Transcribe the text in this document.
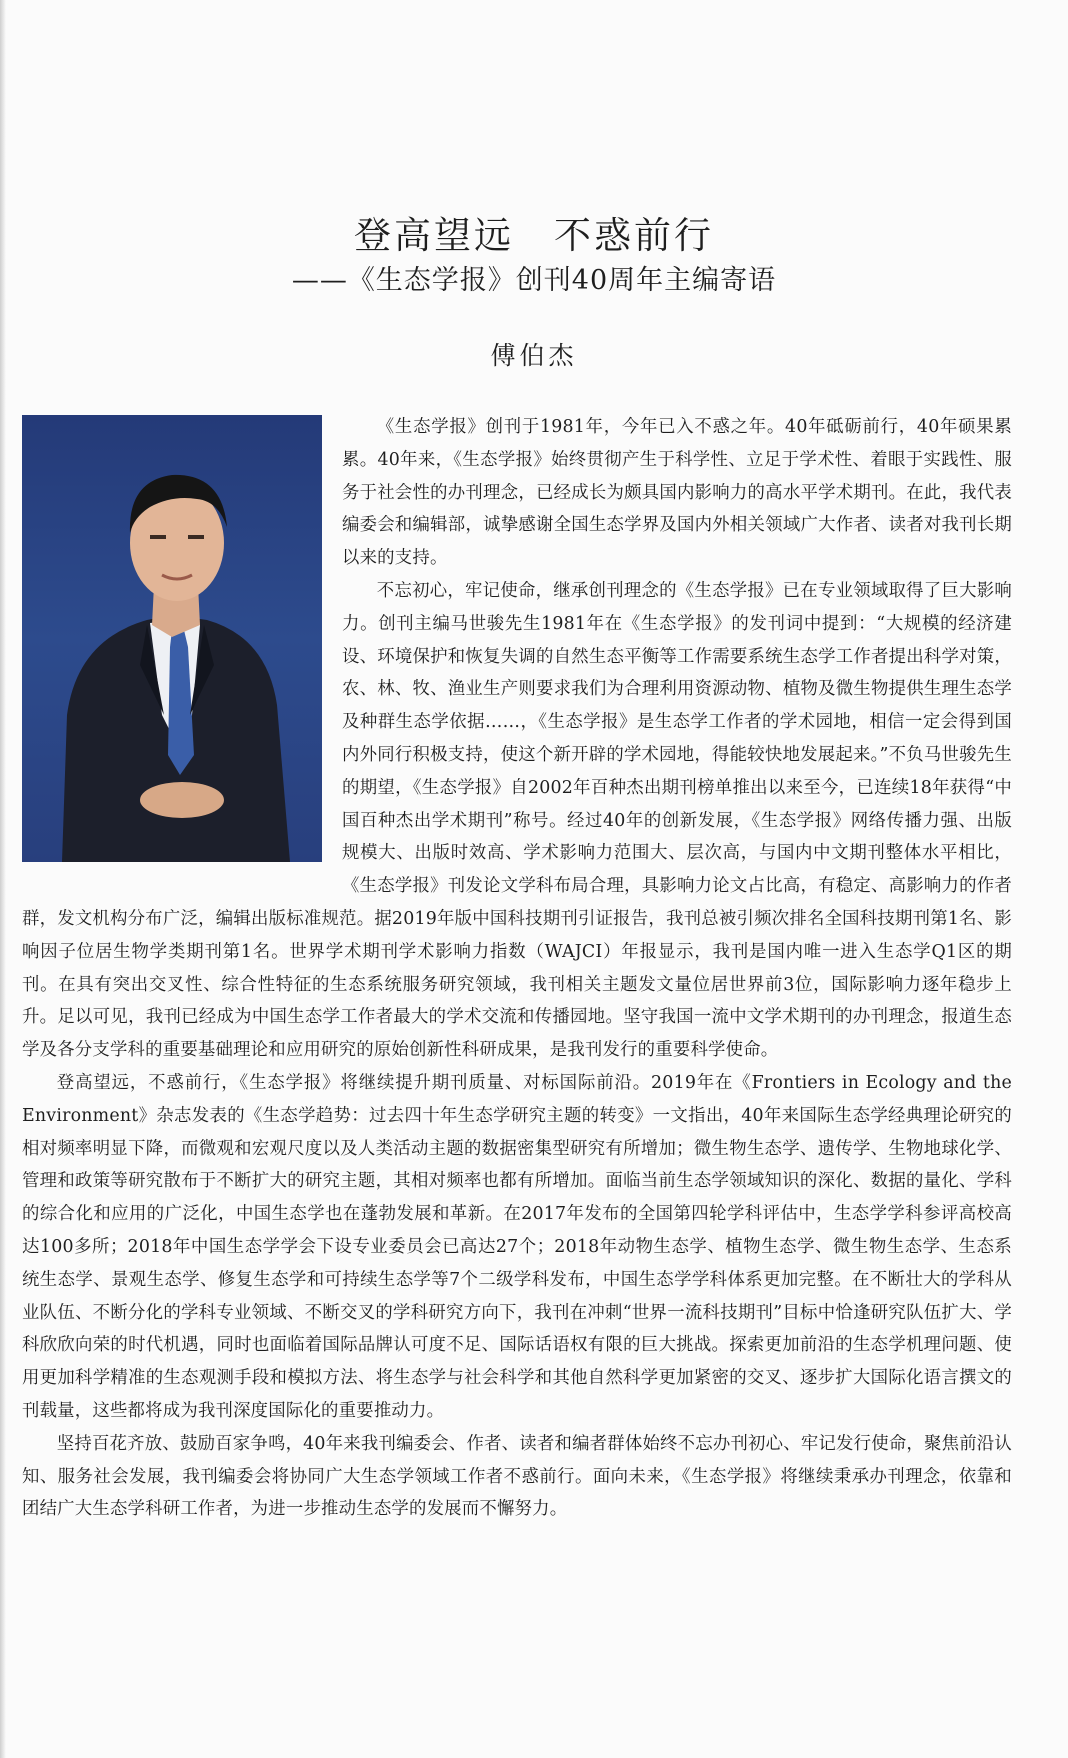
登高望远　不惑前行
——《生态学报》创刊40周年主编寄语
傅伯杰

《生态学报》创刊于1981年，今年已入不惑之年。40年砥砺前行，40年硕果累累。40年来，《生态学报》始终贯彻产生于科学性、立足于学术性、着眼于实践性、服务于社会性的办刊理念，已经成长为颇具国内影响力的高水平学术期刊。在此，我代表编委会和编辑部，诚挚感谢全国生态学界及国内外相关领域广大作者、读者对我刊长期以来的支持。

不忘初心，牢记使命，继承创刊理念的《生态学报》已在专业领域取得了巨大影响力。创刊主编马世骏先生1981年在《生态学报》的发刊词中提到：“大规模的经济建设、环境保护和恢复失调的自然生态平衡等工作需要系统生态学工作者提出科学对策，农、林、牧、渔业生产则要求我们为合理利用资源动物、植物及微生物提供生理生态学及种群生态学依据……，《生态学报》是生态学工作者的学术园地，相信一定会得到国内外同行积极支持，使这个新开辟的学术园地，得能较快地发展起来。”不负马世骏先生的期望，《生态学报》自2002年百种杰出期刊榜单推出以来至今，已连续18年获得“中国百种杰出学术期刊”称号。经过40年的创新发展，《生态学报》网络传播力强、出版规模大、出版时效高、学术影响力范围大、层次高，与国内中文期刊整体水平相比，《生态学报》刊发论文学科布局合理，具影响力论文占比高，有稳定、高影响力的作者群，发文机构分布广泛，编辑出版标准规范。据2019年版中国科技期刊引证报告，我刊总被引频次排名全国科技期刊第1名、影响因子位居生物学类期刊第1名。世界学术期刊学术影响力指数（WAJCI）年报显示，我刊是国内唯一进入生态学Q1区的期刊。在具有突出交叉性、综合性特征的生态系统服务研究领域，我刊相关主题发文量位居世界前3位，国际影响力逐年稳步上升。足以可见，我刊已经成为中国生态学工作者最大的学术交流和传播园地。坚守我国一流中文学术期刊的办刊理念，报道生态学及各分支学科的重要基础理论和应用研究的原始创新性科研成果，是我刊发行的重要科学使命。

登高望远，不惑前行，《生态学报》将继续提升期刊质量、对标国际前沿。2019年在《Frontiers in Ecology and the Environment》杂志发表的《生态学趋势：过去四十年生态学研究主题的转变》一文指出，40年来国际生态学经典理论研究的相对频率明显下降，而微观和宏观尺度以及人类活动主题的数据密集型研究有所增加；微生物生态学、遗传学、生物地球化学、管理和政策等研究散布于不断扩大的研究主题，其相对频率也都有所增加。面临当前生态学领域知识的深化、数据的量化、学科的综合化和应用的广泛化，中国生态学也在蓬勃发展和革新。在2017年发布的全国第四轮学科评估中，生态学学科参评高校高达100多所；2018年中国生态学学会下设专业委员会已高达27个；2018年动物生态学、植物生态学、微生物生态学、生态系统生态学、景观生态学、修复生态学和可持续生态学等7个二级学科发布，中国生态学学科体系更加完整。在不断壮大的学科从业队伍、不断分化的学科专业领域、不断交叉的学科研究方向下，我刊在冲刺“世界一流科技期刊”目标中恰逢研究队伍扩大、学科欣欣向荣的时代机遇，同时也面临着国际品牌认可度不足、国际话语权有限的巨大挑战。探索更加前沿的生态学机理问题、使用更加科学精准的生态观测手段和模拟方法、将生态学与社会科学和其他自然科学更加紧密的交叉、逐步扩大国际化语言撰文的刊载量，这些都将成为我刊深度国际化的重要推动力。

坚持百花齐放、鼓励百家争鸣，40年来我刊编委会、作者、读者和编者群体始终不忘办刊初心、牢记发行使命，聚焦前沿认知、服务社会发展，我刊编委会将协同广大生态学领域工作者不惑前行。面向未来，《生态学报》将继续秉承办刊理念，依靠和团结广大生态学科研工作者，为进一步推动生态学的发展而不懈努力。
